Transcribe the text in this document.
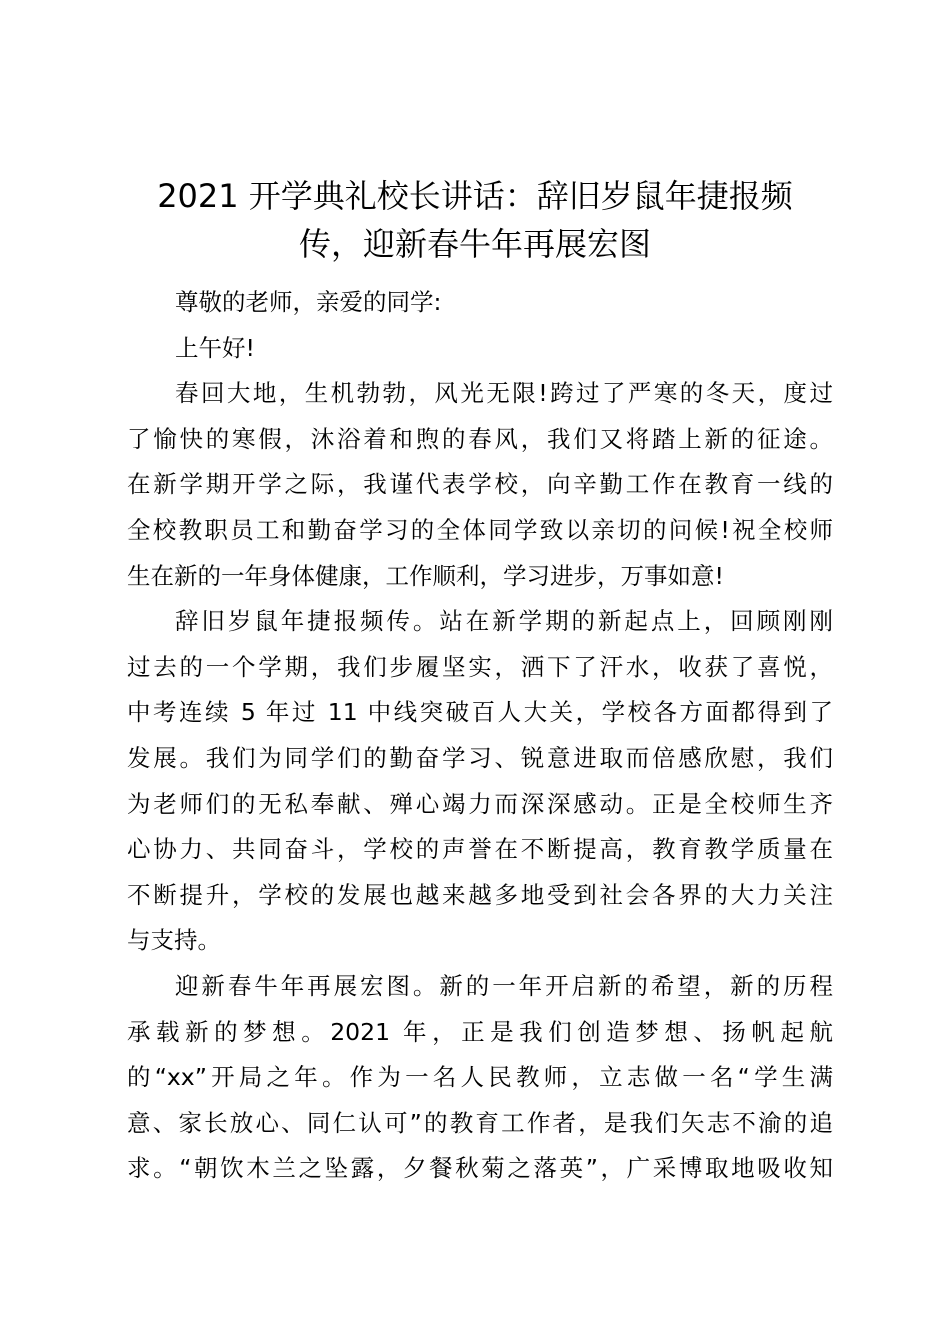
2021 开学典礼校长讲话：辞旧岁鼠年捷报频
传，迎新春牛年再展宏图
尊敬的老师，亲爱的同学:
上午好!
春回大地，生机勃勃，风光无限!跨过了严寒的冬天，度过
了愉快的寒假，沐浴着和煦的春风，我们又将踏上新的征途。
在新学期开学之际，我谨代表学校，向辛勤工作在教育一线的
全校教职员工和勤奋学习的全体同学致以亲切的问候!祝全校师
生在新的一年身体健康，工作顺利，学习进步，万事如意!
辞旧岁鼠年捷报频传。站在新学期的新起点上，回顾刚刚
过去的一个学期，我们步履坚实，洒下了汗水，收获了喜悦，
中考连续 5 年过 11 中线突破百人大关，学校各方面都得到了
发展。我们为同学们的勤奋学习、锐意进取而倍感欣慰，我们
为老师们的无私奉献、殚心竭力而深深感动。正是全校师生齐
心协力、共同奋斗，学校的声誉在不断提高，教育教学质量在
不断提升，学校的发展也越来越多地受到社会各界的大力关注
与支持。
迎新春牛年再展宏图。新的一年开启新的希望，新的历程
承载新的梦想。2021 年，正是我们创造梦想、扬帆起航
的“xx”开局之年。作为一名人民教师，立志做一名“学生满
意、家长放心、同仁认可”的教育工作者，是我们矢志不渝的追
求。“朝饮木兰之坠露，夕餐秋菊之落英”，广采博取地吸收知
